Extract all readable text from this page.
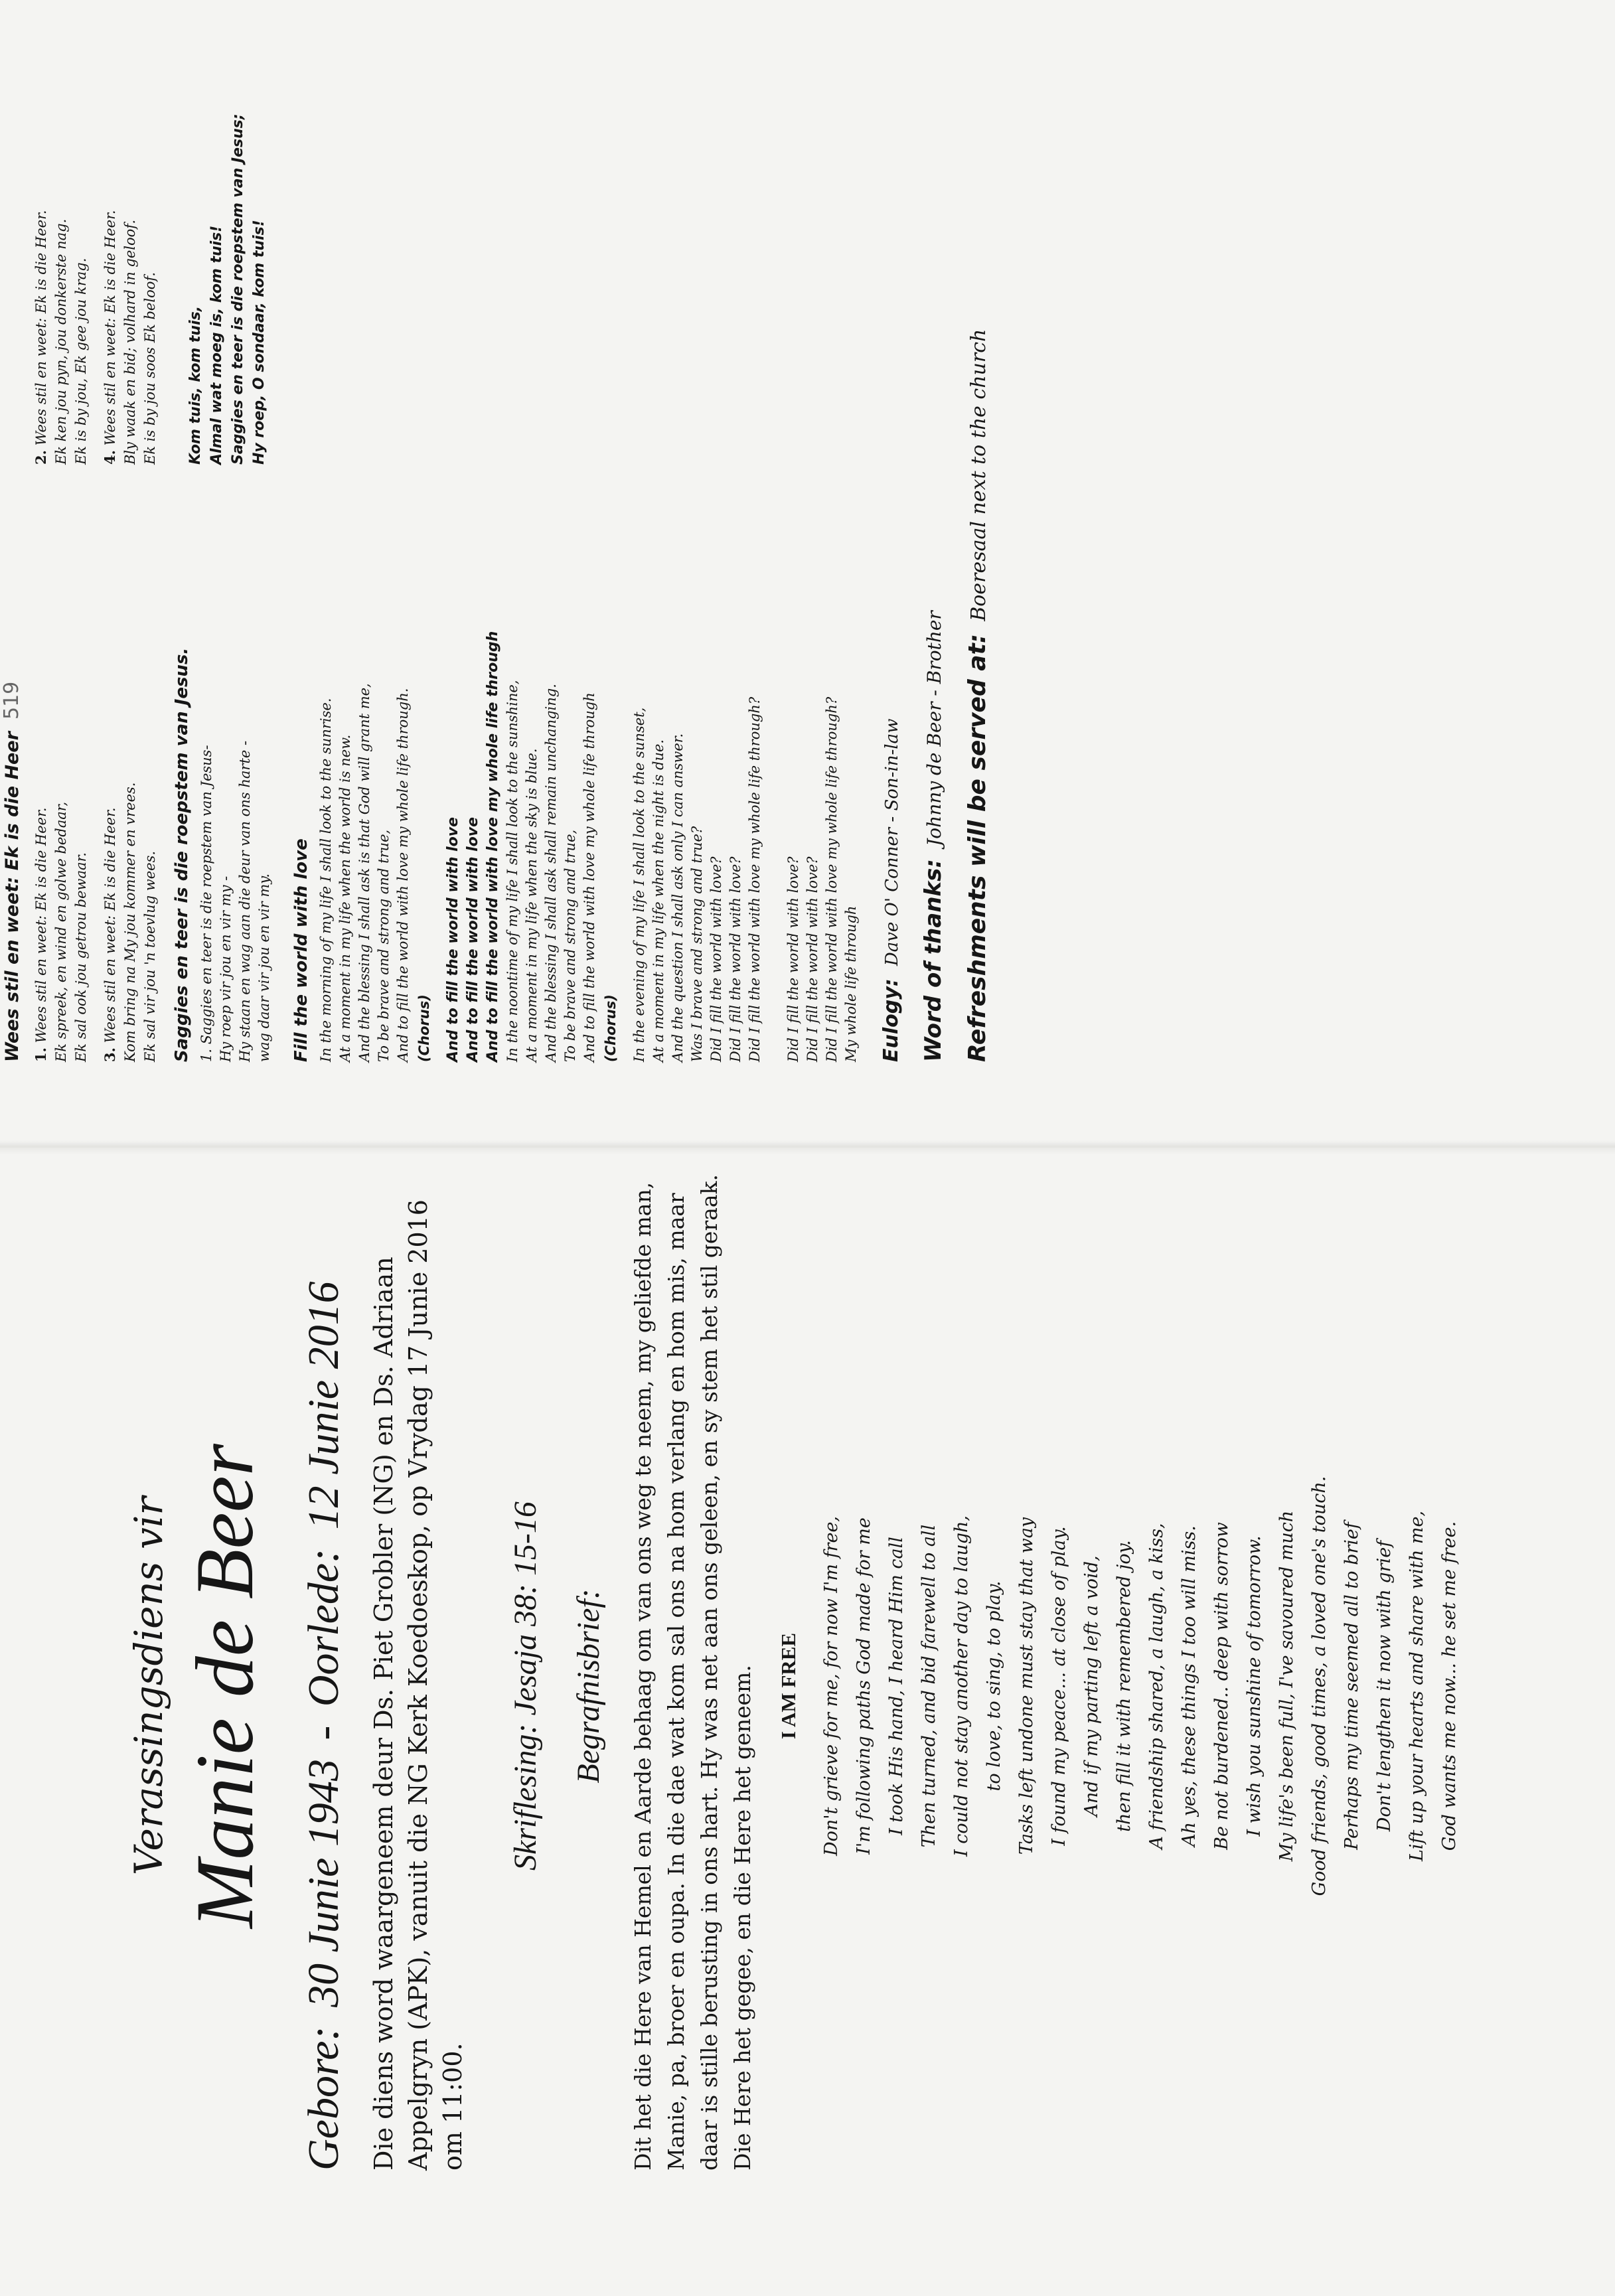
Verassingsdiens vir Manie de Beer
Gebore: 30 Junie 1943 - Oorlede: 12 Junie 2016 Die diens word waargeneem deur Ds. Piet Grobler (NG) en Ds. Adriaan Appelgryn (APK), vanuit die NG Kerk Koedoeskop, op Vrydag 17 Junie 2016 om 11:00.
Skriflesing: Jesaja 38: 15-16 Begrafnisbrief: Dit het die Here van Hemel en Aarde behaag om van ons weg te neem, my geliefde man, Manie, pa, broer en oupa. In die dae wat kom sal ons na hom verlang en hom mis, maar daar is stille berusting in ons hart. Hy was net aan ons geleen, en sy stem het stil geraak. Die Here het gegee, en die Here het geneem. I AM FREE	Don't grieve for me, for now I'm free, I'm following paths God made for me I took His hand, I heard Him call Then turned, and bid farewell to all I could not stay another day to laugh, to love, to sing, to play. Tasks left undone must stay that way I found my peace... at close of play. And if my parting left a void, then fill it with remembered joy. A friendship shared, a laugh, a kiss, Ah yes, these things I too will miss. Be not burdened.. deep with sorrow I wish you sunshine of tomorrow. My life's been full, I've savoured much Good friends, good times, a loved one's touch. Perhaps my time seemed all to brief Don't lengthen it now with grief Lift up your hearts and share with me, God wants me now... he set me free.
Wees stil en weet: Ek is die Heer519
1. Wees stil en weet: Ek is die Heer. Ek spreek, en wind en golwe bedaar, Ek sal ook jou getrou bewaar.
2. Wees stil en weet: Ek is die Heer. Ek ken jou pyn, jou donkerste nag. Ek is by jou, Ek gee jou krag.
3. Wees stil en weet: Ek is die Heer. Kom bring na My jou kommer en vrees. Ek sal vir jou 'n toevlug wees.
4. Wees stil en weet: Ek is die Heer. Bly waak en bid; volhard in geloof. Ek is by jou soos Ek beloof.
Saggies en teer is die roepstem van Jesus. 1. Saggies en teer is die roepstem van Jesus- Hy roep vir jou en vir my - Hy staan en wag aan die deur van ons harte - wag daar vir jou en vir my.
Kom tuis, kom tuis, Almal wat moeg is, kom tuis! Saggies en teer is die roepstem van Jesus; Hy roep, O sondaar, kom tuis!
Fill the world with love In the morning of my life I shall look to the sunrise. At a moment in my life when the world is new. And the blessing I shall ask is that God will grant me, To be brave and strong and true, And to fill the world with love my whole life through. (Chorus) And to fill the world with love And to fill the world with love And to fill the world with love my whole life through In the noontime of my life I shall look to the sunshine, At a moment in my life when the sky is blue. And the blessing I shall ask shall remain unchanging. To be brave and strong and true, And to fill the world with love my whole life through (Chorus) In the evening of my life I shall look to the sunset, At a moment in my life when the night is due. And the question I shall ask only I can answer. Was I brave and strong and true? Did I fill the world with love? Did I fill the world with love? Did I fill the world with love my whole life through?
Did I fill the world with love? Did I fill the world with love? Did I fill the world with love my whole life through? My whole life through Eulogy: Dave O' Conner - Son-in-law Word of thanks: Johnny de Beer - Brother Refreshments will be served at: Boeresaal next to the church
